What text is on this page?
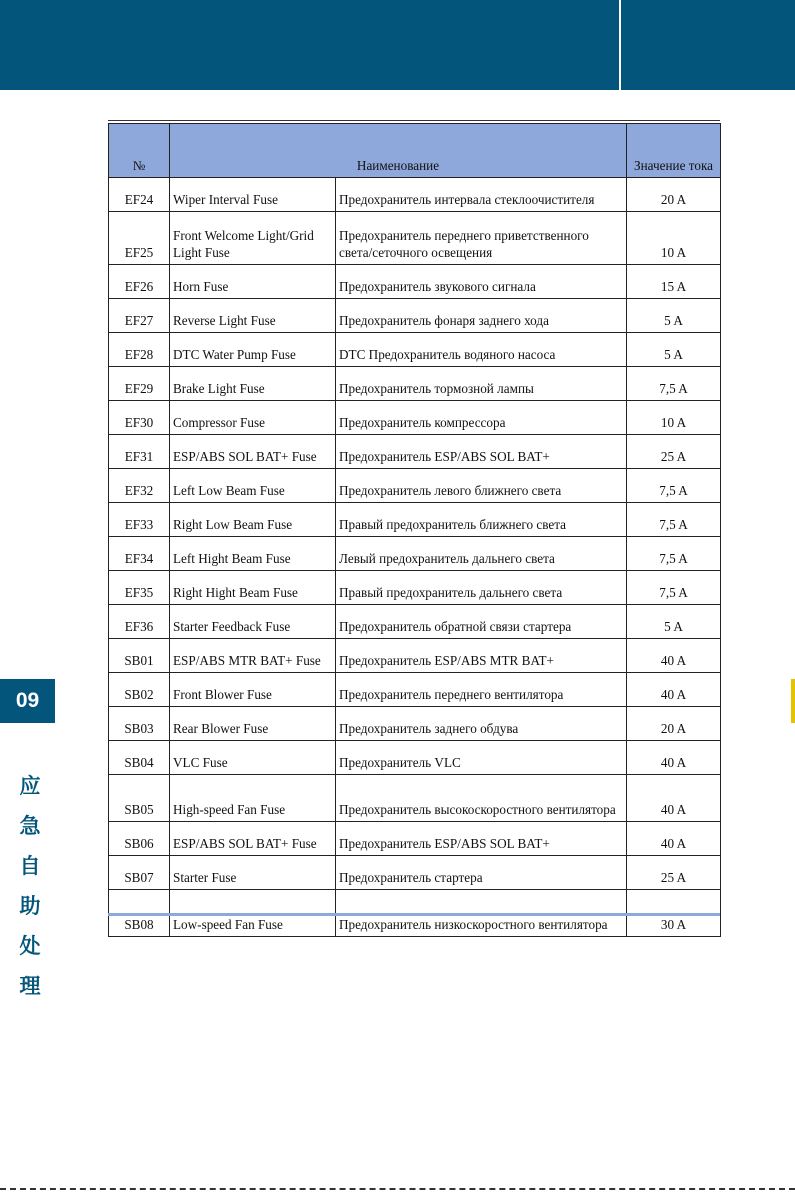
09
应
急
自
助
处
理
№	Наименование		Значение тока
EF24	Wiper Interval Fuse	Предохранитель интервала стеклоочистителя	20 A
EF25	Front Welcome Light/Grid Light Fuse	Предохранитель переднего приветственного света/сеточного освещения	10 A
EF26	Horn Fuse	Предохранитель звукового сигнала	15 A
EF27	Reverse Light Fuse	Предохранитель фонаря заднего хода	5 A
EF28	DTC Water Pump Fuse	DTC Предохранитель водяного насоса	5 A
EF29	Brake Light Fuse	Предохранитель тормозной лампы	7,5 A
EF30	Compressor Fuse	Предохранитель компрессора	10 A
EF31	ESP/ABS SOL BAT+ Fuse	Предохранитель ESP/ABS SOL BAT+	25 A
EF32	Left Low Beam Fuse	Предохранитель левого ближнего света	7,5 A
EF33	Right Low Beam Fuse	Правый предохранитель ближнего света	7,5 A
EF34	Left Hight Beam Fuse	Левый предохранитель дальнего света	7,5 A
EF35	Right Hight Beam Fuse	Правый предохранитель дальнего света	7,5 A
EF36	Starter Feedback Fuse	Предохранитель обратной связи стартера	5 A
SB01	ESP/ABS MTR BAT+ Fuse	Предохранитель ESP/ABS MTR BAT+	40 A
SB02	Front Blower Fuse	Предохранитель переднего вентилятора	40 A
SB03	Rear Blower Fuse	Предохранитель заднего обдува	20 A
SB04	VLC Fuse	Предохранитель VLC	40 A
SB05	High-speed Fan Fuse	Предохранитель высокоскоростного вентилятора	40 A
SB06	ESP/ABS SOL BAT+ Fuse	Предохранитель ESP/ABS SOL BAT+	40 A
SB07	Starter Fuse	Предохранитель стартера	25 A
SB08	Low-speed Fan Fuse	Предохранитель низкоскоростного вентилятора	30 A
